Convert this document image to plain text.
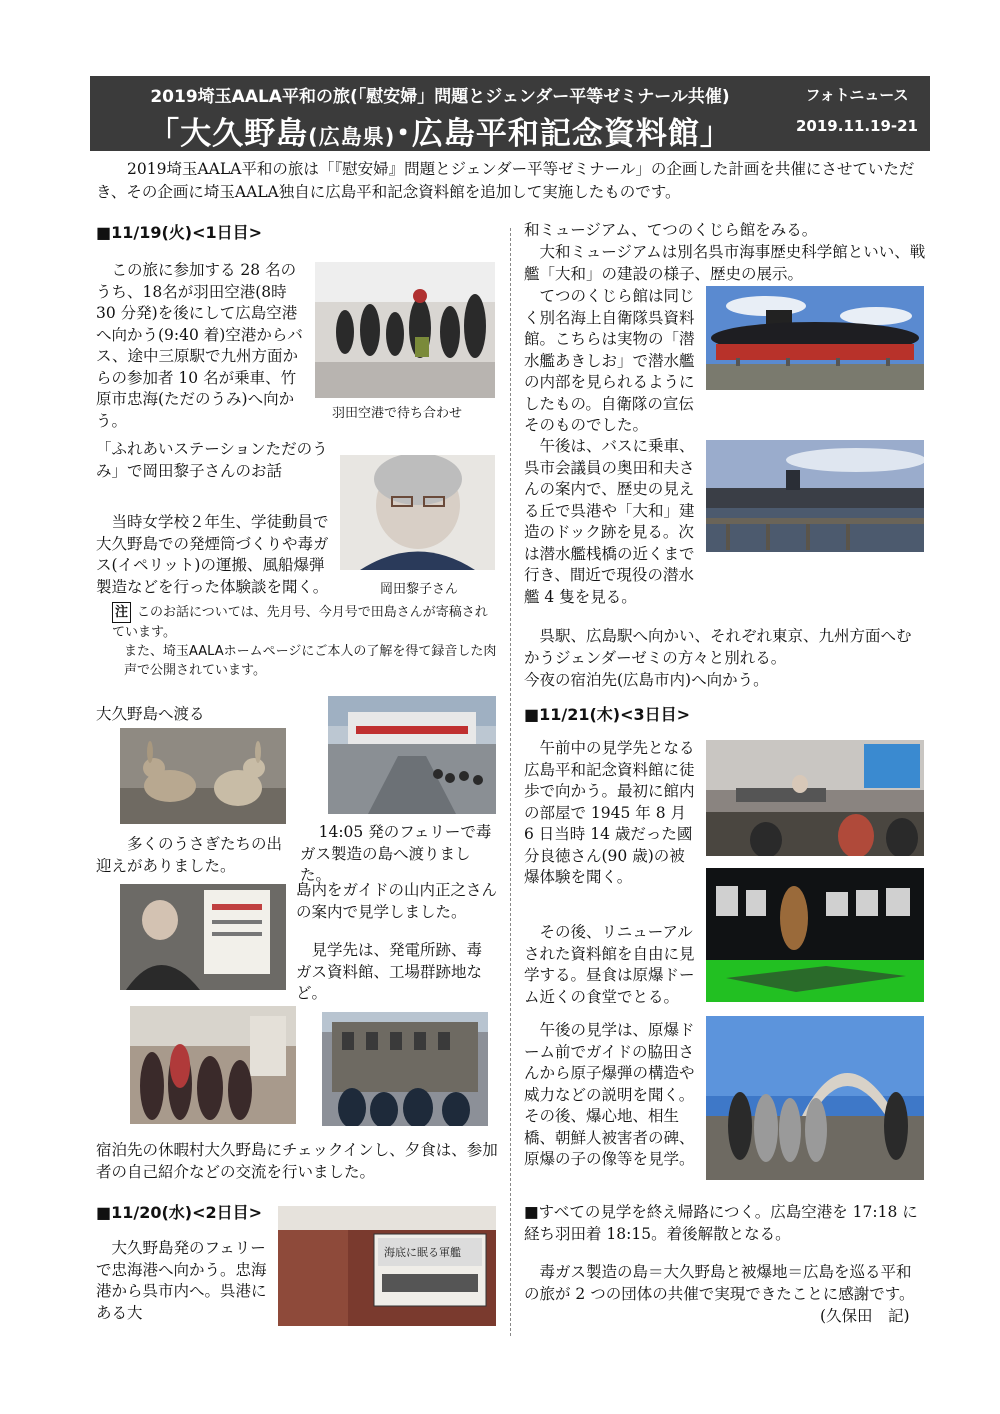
2019埼玉AALA平和の旅(「慰安婦」問題とジェンダー平等ゼミナール共催)
「大久野島(広島県)･広島平和記念資料館」
フォトニュース
2019.11.19-21
2019埼玉AALA平和の旅は「『慰安婦』問題とジェンダー平等ゼミナール」の企画した計画を共催にさせていただき、その企画に埼玉AALA独自に広島平和記念資料館を追加して実施したものです。
■11/19(火)<1日目>
この旅に参加する 28 名のうち、18名が羽田空港(8時 30 分発)を後にして広島空港へ向かう(9:40 着)空港からバス、途中三原駅で九州方面からの参加者 10 名が乗車、竹原市忠海(ただのうみ)へ向かう。	羽田空港で待ち合わせ
「ふれあいステーションただのうみ」で岡田黎子さんのお話
岡田黎子さん
当時女学校２年生、学徒動員で大久野島での発煙筒づくりや毒ガス(イペリット)の運搬、風船爆弾製造などを行った体験談を聞く。
注 このお話については、先月号、今月号で田島さんが寄稿されています。
また、埼玉AALAホームページにご本人の了解を得て録音した肉声で公開されています。
大久野島へ渡る
多くのうさぎたちの出迎えがありました。
14:05 発のフェリーで毒ガス製造の島へ渡りました。
島内をガイドの山内正之さんの案内で見学しました。
見学先は、発電所跡、毒ガス資料館、工場群跡地など。
宿泊先の休暇村大久野島にチェックインし、夕食は、参加者の自己紹介などの交流を行いました。
■11/20(水)<2日目>
大久野島発のフェリーで忠海港へ向かう。忠海港から呉市内へ。呉港にある大
海底に眠る軍艦
和ミュージアム、てつのくじら館をみる。
大和ミュージアムは別名呉市海事歴史科学館といい、戦艦「大和」の建設の様子、歴史の展示。
てつのくじら館は同じく別名海上自衛隊呉資料館。こちらは実物の「潜水艦あきしお」で潜水艦の内部を見られるようにしたもの。自衛隊の宣伝そのものでした。
午後は、バスに乗車、呉市会議員の奥田和夫さんの案内で、歴史の見える丘で呉港や「大和」建造のドック跡を見る。次は潜水艦桟橋の近くまで行き、間近で現役の潜水艦 4 隻を見る。
呉駅、広島駅へ向かい、それぞれ東京、九州方面へむかうジェンダーゼミの方々と別れる。
今夜の宿泊先(広島市内)へ向かう。
■11/21(木)<3日目>
午前中の見学先となる広島平和記念資料館に徒歩で向かう。最初に館内の部屋で 1945 年 8 月 6 日当時 14 歳だった國分良徳さん(90 歳)の被爆体験を聞く。
その後、リニューアルされた資料館を自由に見学する。昼食は原爆ドーム近くの食堂でとる。
午後の見学は、原爆ドーム前でガイドの脇田さんから原子爆弾の構造や威力などの説明を聞く。その後、爆心地、相生橋、朝鮮人被害者の碑、原爆の子の像等を見学。
■すべての見学を終え帰路につく。広島空港を 17:18 に経ち羽田着 18:15。着後解散となる。
毒ガス製造の島＝大久野島と被爆地＝広島を巡る平和の旅が 2 つの団体の共催で実現できたことに感謝です。
(久保田　記)
